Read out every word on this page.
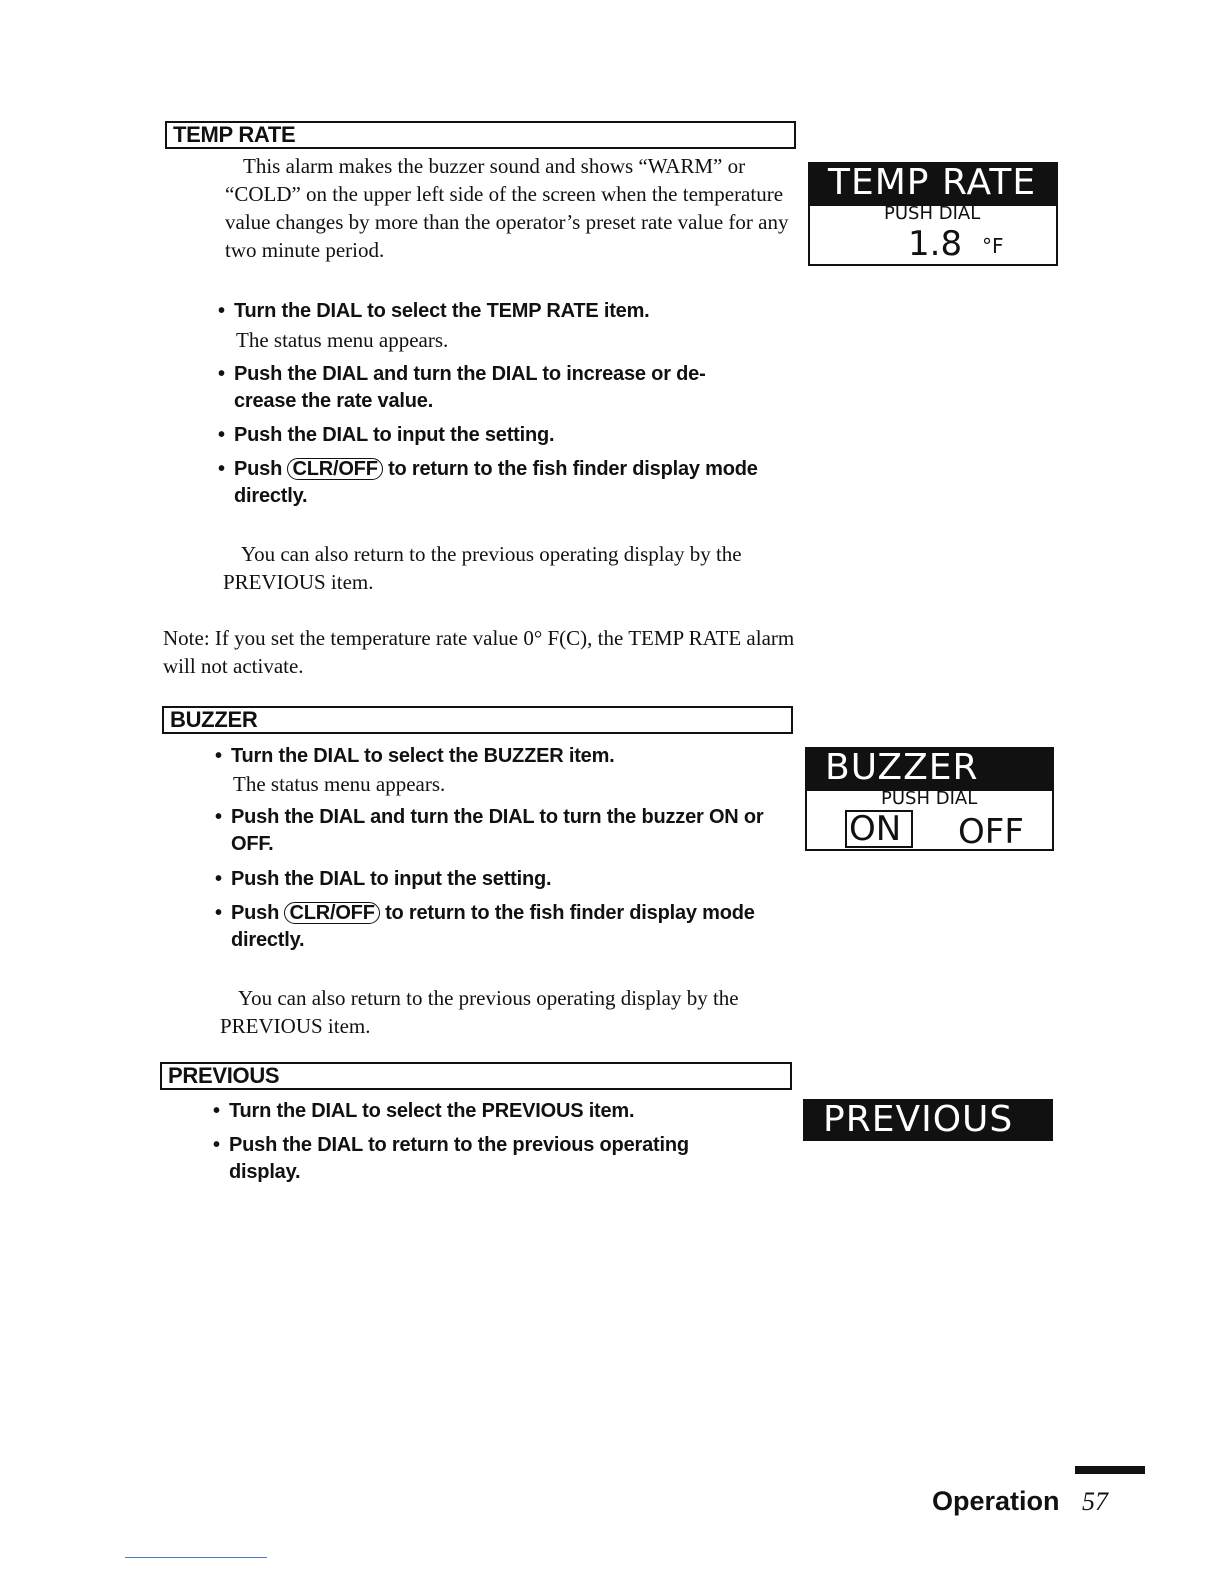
TEMP RATE
This alarm makes the buzzer sound and shows “WARM” or “COLD” on the upper left side of the screen when the temperature value changes by more than the operator’s preset rate value for any two minute period.
• Turn the DIAL to select the TEMP RATE item.
The status menu appears.
• Push the DIAL and turn the DIAL to increase or de-crease the rate value.
• Push the DIAL to input the setting.
• Push CLR/OFF to return to the fish finder display mode directly.
You can also return to the previous operating display by the PREVIOUS item.
Note: If you set the temperature rate value 0° F(C), the TEMP RATE alarm will not activate.
TEMP RATE
PUSH DIAL
1.8 °F
BUZZER
• Turn the DIAL to select the BUZZER item.
The status menu appears.
• Push the DIAL and turn the DIAL to turn the buzzer ON or OFF.
• Push the DIAL to input the setting.
• Push CLR/OFF to return to the fish finder display mode directly.
You can also return to the previous operating display by the PREVIOUS item.
BUZZER
PUSH DIAL
ON	OFF
PREVIOUS
• Turn the DIAL to select the PREVIOUS item.
• Push the DIAL to return to the previous operating display.
PREVIOUS
Operation 57
